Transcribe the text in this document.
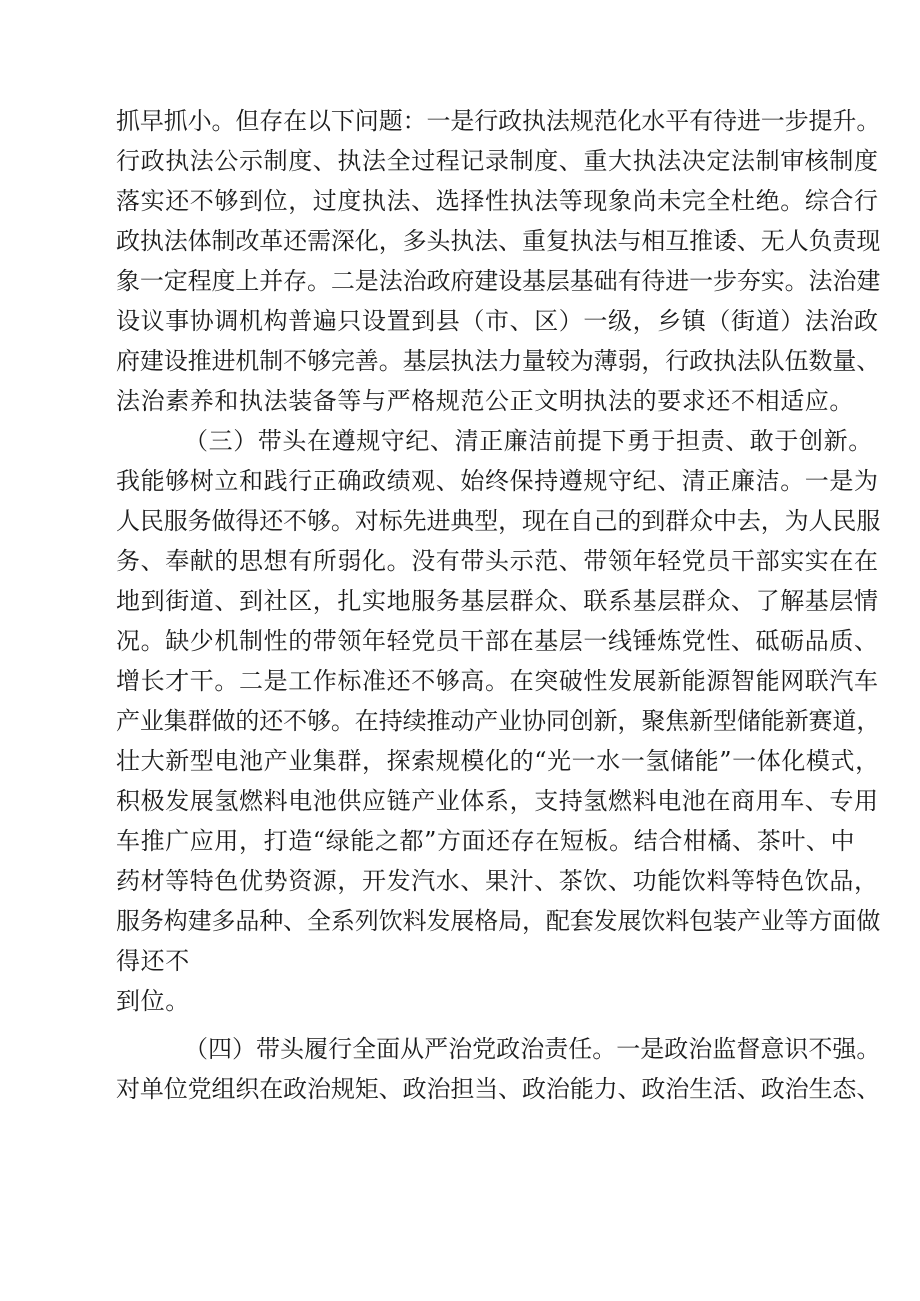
抓早抓小。但存在以下问题：一是行政执法规范化水平有待进一步提升。
行政执法公示制度、执法全过程记录制度、重大执法决定法制审核制度
落实还不够到位，过度执法、选择性执法等现象尚未完全杜绝。综合行
政执法体制改革还需深化，多头执法、重复执法与相互推诿、无人负责现
象一定程度上并存。二是法治政府建设基层基础有待进一步夯实。法治建
设议事协调机构普遍只设置到县（市、区）一级，乡镇（街道）法治政
府建设推进机制不够完善。基层执法力量较为薄弱，行政执法队伍数量、
法治素养和执法装备等与严格规范公正文明执法的要求还不相适应。
（三）带头在遵规守纪、清正廉洁前提下勇于担责、敢于创新。
我能够树立和践行正确政绩观、始终保持遵规守纪、清正廉洁。一是为
人民服务做得还不够。对标先进典型，现在自己的到群众中去，为人民服
务、奉献的思想有所弱化。没有带头示范、带领年轻党员干部实实在在
地到街道、到社区，扎实地服务基层群众、联系基层群众、了解基层情
况。缺少机制性的带领年轻党员干部在基层一线锤炼党性、砥砺品质、
增长才干。二是工作标准还不够高。在突破性发展新能源智能网联汽车
产业集群做的还不够。在持续推动产业协同创新，聚焦新型储能新赛道，
壮大新型电池产业集群，探索规模化的“光一水一氢储能”一体化模式，
积极发展氢燃料电池供应链产业体系，支持氢燃料电池在商用车、专用
车推广应用，打造“绿能之都”方面还存在短板。结合柑橘、茶叶、中
药材等特色优势资源，开发汽水、果汁、茶饮、功能饮料等特色饮品，
服务构建多品种、全系列饮料发展格局，配套发展饮料包装产业等方面做
得还不
到位。
（四）带头履行全面从严治党政治责任。一是政治监督意识不强。
对单位党组织在政治规矩、政治担当、政治能力、政治生活、政治生态、
